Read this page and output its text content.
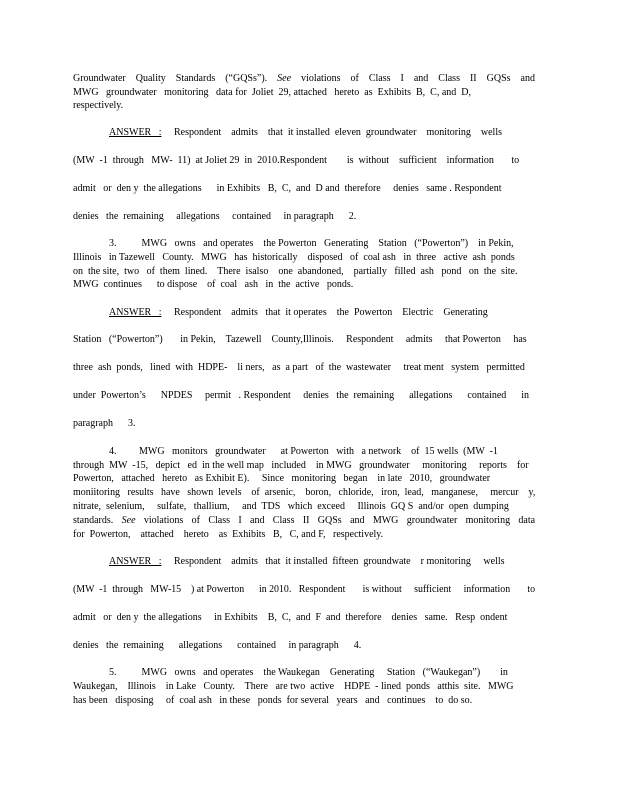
Groundwater Quality Standards (“GQSs”). See violations of Class I and Class II GQSs and
MWG   groundwater   monitoring   data for  Joliet  29, attached   hereto  as  Exhibits  B,  C, and  D,
respectively.
ANSWER   :     Respondent    admits    that  it installed  eleven  groundwater    monitoring    wells
(MW  -1  through   MW-  11)  at Joliet 29  in  2010.Respondent        is  without    sufficient    information       to
admit   or  den y  the allegations      in Exhibits   B,  C,  and  D and  therefore     denies   same . Respondent
denies   the  remaining     allegations     contained     in paragraph      2.
3.          MWG   owns   and operates    the Powerton   Generating    Station   (“Powerton”)    in Pekin,
Illinois   in Tazewell   County.   MWG   has  historically    disposed   of  coal ash   in  three   active  ash  ponds
on  the site,  two   of  them  lined.    There  isalso    one  abandoned,    partially   filled  ash   pond   on  the  site.
MWG  continues      to dispose    of  coal   ash   in  the  active   ponds.
ANSWER   :     Respondent    admits   that  it operates    the  Powerton    Electric    Generating
Station   (“Powerton”)       in Pekin,    Tazewell    County,Illinois.     Respondent     admits     that Powerton     has
three  ash  ponds,   lined  with  HDPE-    li ners,   as  a part   of  the  wastewater     treat ment   system   permitted
under  Powerton’s      NPDES     permit   . Respondent     denies   the  remaining      allegations      contained      in
paragraph      3.
4.         MWG   monitors   groundwater      at Powerton   with   a network    of  15 wells  (MW  -1
through  MW  -15,   depict   ed  in the well map   included    in MWG   groundwater     monitoring     reports    for
Powerton,   attached   hereto   as Exhibit E).     Since   monitoring   began    in late   2010,   groundwater
moniitoring   results   have   shown  levels    of  arsenic,    boron,   chloride,   iron,  lead,   manganese,     mercur    y,
nitrate,  selenium,     sulfate,   thallium,     and  TDS   which  exceed     Illinois  GQ S  and/or  open  dumping
standards. See violations of Class I and Class II GQSs and MWG groundwater monitoring data
for  Powerton,    attached    hereto    as  Exhibits   B,   C, and F,   respectively.
ANSWER   :     Respondent    admits   that  it installed  fifteen  groundwate    r monitoring     wells
(MW  -1  through   MW-15    ) at Powerton      in 2010.   Respondent       is without     sufficient     information       to
admit   or  den y  the allegations     in Exhibits    B,  C,  and  F  and  therefore    denies   same.   Resp  ondent
denies   the  remaining      allegations      contained     in paragraph      4.
5.          MWG   owns   and operates    the Waukegan    Generating     Station   (“Waukegan”)        in
Waukegan,    Illinois    in Lake   County.    There   are two  active    HDPE  - lined  ponds   atthis  site.   MWG
has been   disposing     of  coal ash   in these   ponds  for several   years   and   continues    to  do so.
